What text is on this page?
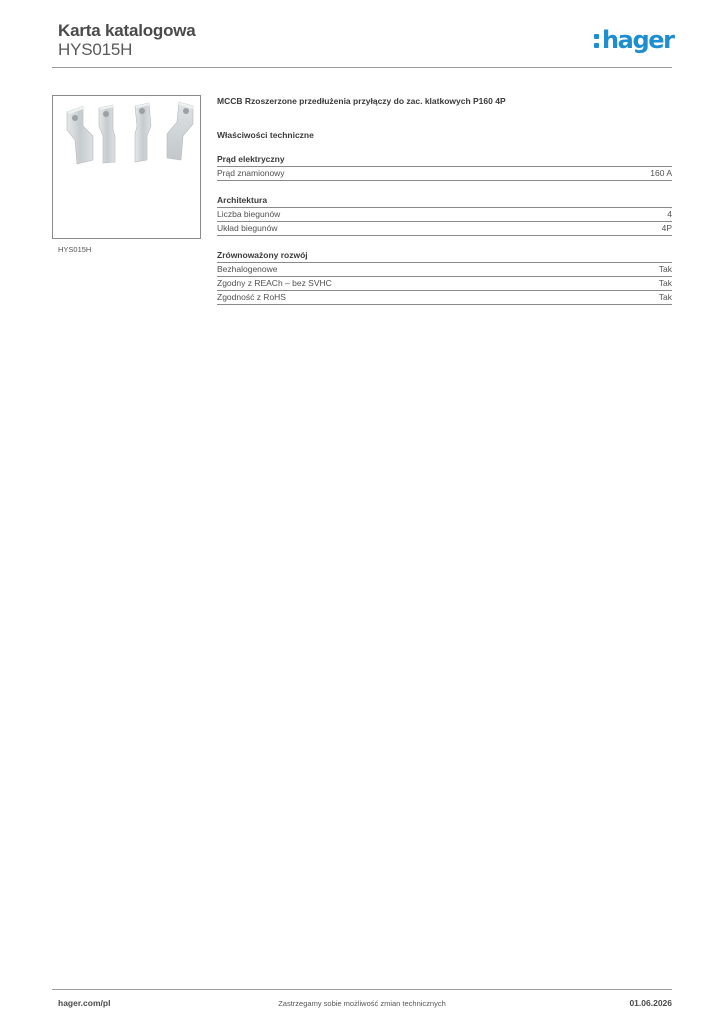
Karta katalogowa
HYS015H	hager
HYS015H
MCCB Rzoszerzone przedłużenia przyłączy do zac. klatkowych P160 4P
Właściwości techniczne
Prąd elektryczny
Prąd znamionowy	160 A
Architektura
Liczba biegunów	4
Układ biegunów	4P
Zrównoważony rozwój
Bezhalogenowe	Tak
Zgodny z REACh – bez SVHC	Tak
Zgodność z RoHS	Tak
hager.com/pl	Zastrzegamy sobie możliwość zmian technicznych	01.06.2026
